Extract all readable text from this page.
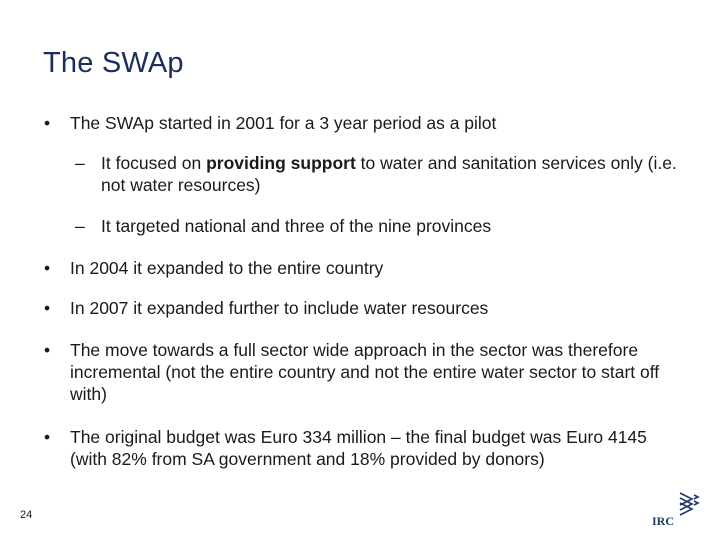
The SWAp
• The SWAp started in 2001 for a 3 year period as a pilot
– It focused on providing support to water and sanitation services only (i.e. not water resources)
– It targeted national and three of the nine provinces
• In 2004 it expanded to the entire country
• In 2007 it expanded further to include water resources
• The move towards a full sector wide approach in the sector was therefore incremental (not the entire country and not the entire water sector to start off with)
• The original budget was Euro 334 million – the final budget was Euro 4145 (with 82% from SA government and 18% provided by donors)
24	IRC
